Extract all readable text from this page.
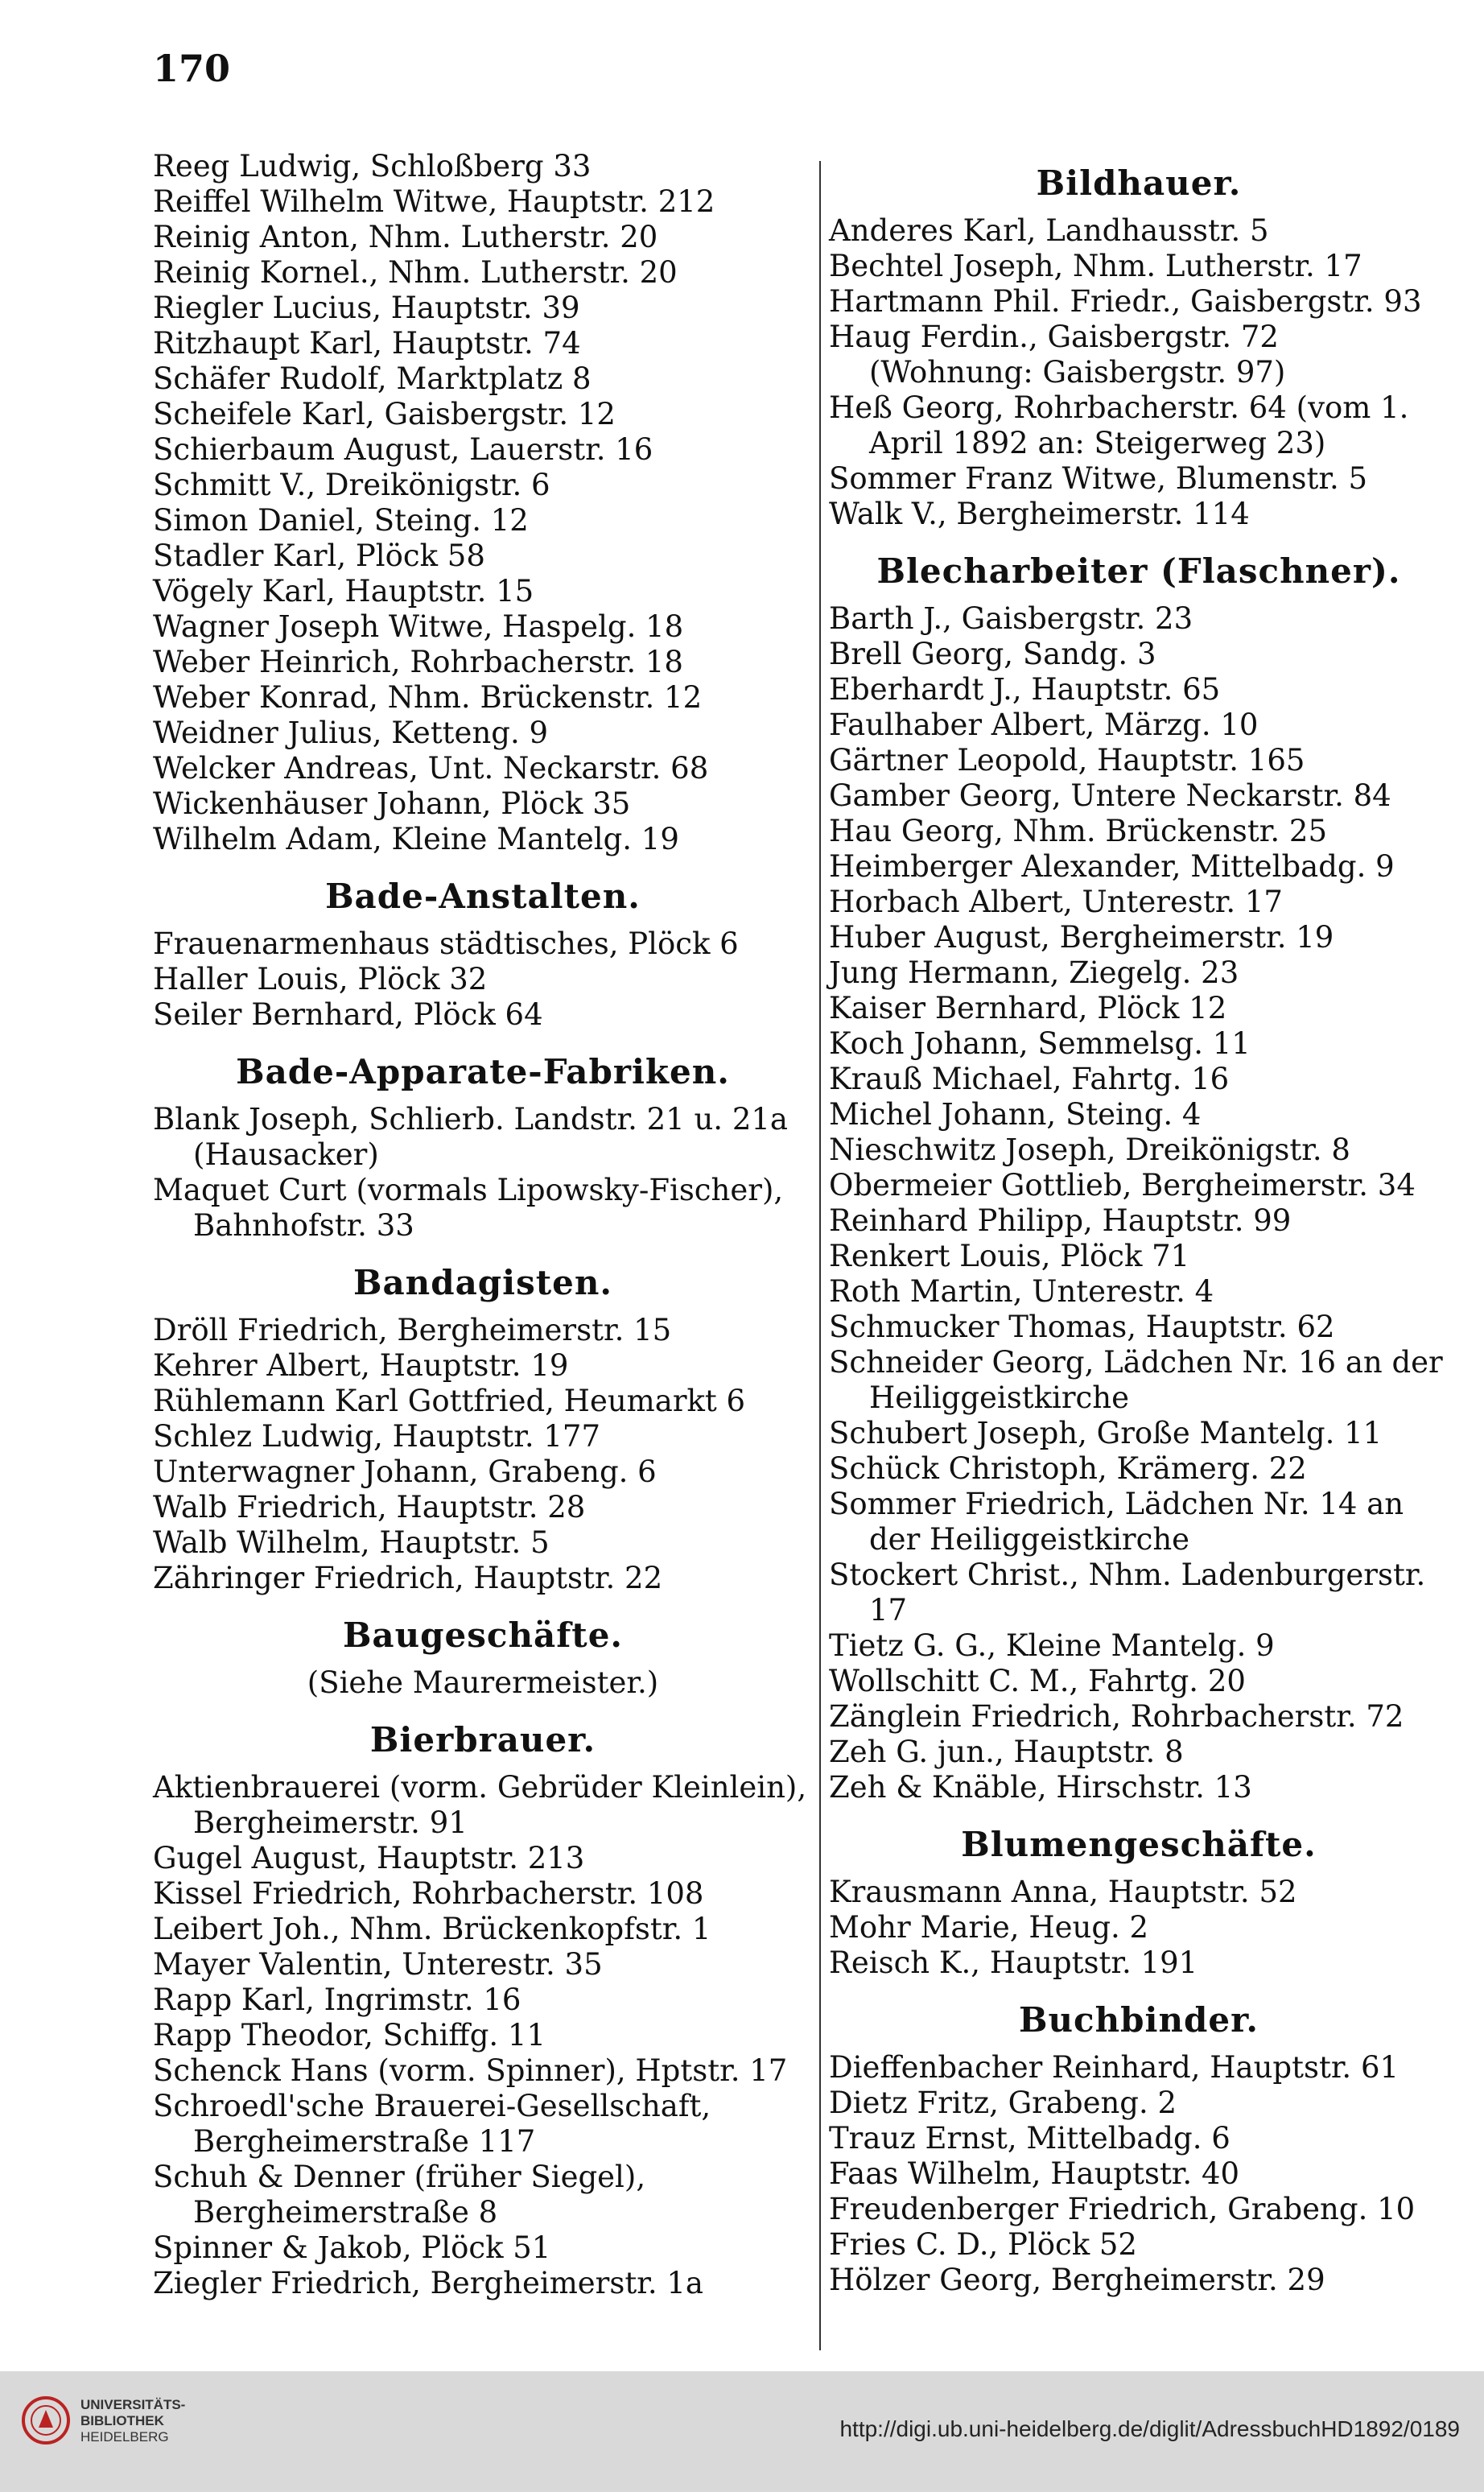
170
Reeg Ludwig, Schloßberg 33
Reiffel Wilhelm Witwe, Hauptstr. 212
Reinig Anton, Nhm. Lutherstr. 20
Reinig Kornel., Nhm. Lutherstr. 20
Riegler Lucius, Hauptstr. 39
Ritzhaupt Karl, Hauptstr. 74
Schäfer Rudolf, Marktplatz 8
Scheifele Karl, Gaisbergstr. 12
Schierbaum August, Lauerstr. 16
Schmitt V., Dreikönigstr. 6
Simon Daniel, Steing. 12
Stadler Karl, Plöck 58
Vögely Karl, Hauptstr. 15
Wagner Joseph Witwe, Haspelg. 18
Weber Heinrich, Rohrbacherstr. 18
Weber Konrad, Nhm. Brückenstr. 12
Weidner Julius, Ketteng. 9
Welcker Andreas, Unt. Neckarstr. 68
Wickenhäuser Johann, Plöck 35
Wilhelm Adam, Kleine Mantelg. 19
Bade-Anstalten.
Frauenarmenhaus städtisches, Plöck 6
Haller Louis, Plöck 32
Seiler Bernhard, Plöck 64
Bade-Apparate-Fabriken.
Blank Joseph, Schlierb. Landstr. 21 u. 21a (Hausacker)
Maquet Curt (vormals Lipowsky-Fischer), Bahnhofstr. 33
Bandagisten.
Dröll Friedrich, Bergheimerstr. 15
Kehrer Albert, Hauptstr. 19
Rühlemann Karl Gottfried, Heumarkt 6
Schlez Ludwig, Hauptstr. 177
Unterwagner Johann, Grabeng. 6
Walb Friedrich, Hauptstr. 28
Walb Wilhelm, Hauptstr. 5
Zähringer Friedrich, Hauptstr. 22
Baugeschäfte.
(Siehe Maurermeister.)
Bierbrauer.
Aktienbrauerei (vorm. Gebrüder Kleinlein), Bergheimerstr. 91
Gugel August, Hauptstr. 213
Kissel Friedrich, Rohrbacherstr. 108
Leibert Joh., Nhm. Brückenkopfstr. 1
Mayer Valentin, Unterestr. 35
Rapp Karl, Ingrimstr. 16
Rapp Theodor, Schiffg. 11
Schenck Hans (vorm. Spinner), Hptstr. 17
Schroedl'sche Brauerei-Gesellschaft, Bergheimerstraße 117
Schuh & Denner (früher Siegel), Bergheimerstraße 8
Spinner & Jakob, Plöck 51
Ziegler Friedrich, Bergheimerstr. 1a
Bildhauer.
Anderes Karl, Landhausstr. 5
Bechtel Joseph, Nhm. Lutherstr. 17
Hartmann Phil. Friedr., Gaisbergstr. 93
Haug Ferdin., Gaisbergstr. 72 (Wohnung: Gaisbergstr. 97)
Heß Georg, Rohrbacherstr. 64 (vom 1. April 1892 an: Steigerweg 23)
Sommer Franz Witwe, Blumenstr. 5
Walk V., Bergheimerstr. 114
Blecharbeiter (Flaschner).
Barth J., Gaisbergstr. 23
Brell Georg, Sandg. 3
Eberhardt J., Hauptstr. 65
Faulhaber Albert, Märzg. 10
Gärtner Leopold, Hauptstr. 165
Gamber Georg, Untere Neckarstr. 84
Hau Georg, Nhm. Brückenstr. 25
Heimberger Alexander, Mittelbadg. 9
Horbach Albert, Unterestr. 17
Huber August, Bergheimerstr. 19
Jung Hermann, Ziegelg. 23
Kaiser Bernhard, Plöck 12
Koch Johann, Semmelsg. 11
Krauß Michael, Fahrtg. 16
Michel Johann, Steing. 4
Nieschwitz Joseph, Dreikönigstr. 8
Obermeier Gottlieb, Bergheimerstr. 34
Reinhard Philipp, Hauptstr. 99
Renkert Louis, Plöck 71
Roth Martin, Unterestr. 4
Schmucker Thomas, Hauptstr. 62
Schneider Georg, Lädchen Nr. 16 an der Heiliggeistkirche
Schubert Joseph, Große Mantelg. 11
Schück Christoph, Krämerg. 22
Sommer Friedrich, Lädchen Nr. 14 an der Heiliggeistkirche
Stockert Christ., Nhm. Ladenburgerstr. 17
Tietz G. G., Kleine Mantelg. 9
Wollschitt C. M., Fahrtg. 20
Zänglein Friedrich, Rohrbacherstr. 72
Zeh G. jun., Hauptstr. 8
Zeh & Knäble, Hirschstr. 13
Blumengeschäfte.
Krausmann Anna, Hauptstr. 52
Mohr Marie, Heug. 2
Reisch K., Hauptstr. 191
Buchbinder.
Dieffenbacher Reinhard, Hauptstr. 61
Dietz Fritz, Grabeng. 2
Trauz Ernst, Mittelbadg. 6
Faas Wilhelm, Hauptstr. 40
Freudenberger Friedrich, Grabeng. 10
Fries C. D., Plöck 52
Hölzer Georg, Bergheimerstr. 29
UNIVERSITÄTS-
BIBLIOTHEK
HEIDELBERG	http://digi.ub.uni-heidelberg.de/diglit/AdressbuchHD1892/0189
